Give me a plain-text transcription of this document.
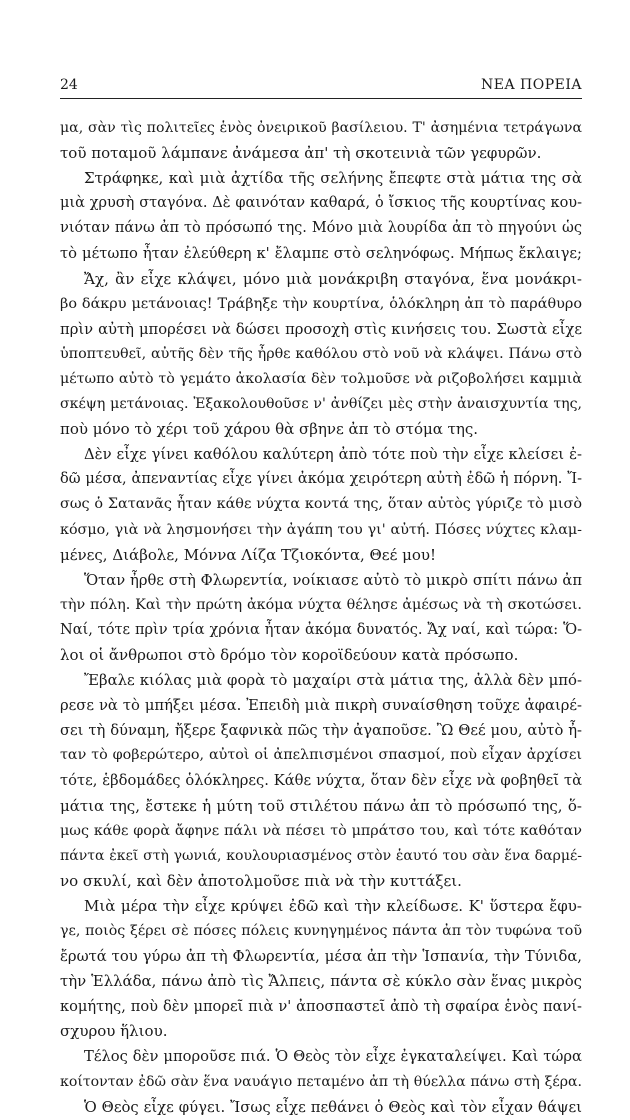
24	ΝΕΑ ΠΟΡΕΙΑ
μα, σὰν τὶς πολιτεῖες ἑνὸς ὀνειρικοῦ βασίλειου. Τ' ἀσημένια τετράγωνα
τοῦ ποταμοῦ λάμπανε ἀνάμεσα ἀπ' τὴ σκοτεινιὰ τῶν γεφυρῶν.
Στράφηκε, καὶ μιὰ ἀχτίδα τῆς σελήνης ἔπεφτε στὰ μάτια της σὰ
μιὰ χρυσὴ σταγόνα. Δὲ φαινόταν καθαρά, ὁ ἴσκιος τῆς κουρτίνας κου-
νιόταν πάνω ἀπ τὸ πρόσωπό της. Μόνο μιὰ λουρίδα ἀπ τὸ πηγούνι ὡς
τὸ μέτωπο ἦταν ἐλεύθερη κ' ἔλαμπε στὸ σεληνόφως. Μήπως ἔκλαιγε;
Ἄχ, ἂν εἶχε κλάψει, μόνο μιὰ μονάκριβη σταγόνα, ἕνα μονάκρι-
βο δάκρυ μετάνοιας! Τράβηξε τὴν κουρτίνα, ὁλόκληρη ἀπ τὸ παράθυρο
πρὶν αὐτὴ μπορέσει νὰ δώσει προσοχὴ στὶς κινήσεις του. Σωστὰ εἶχε
ὑποπτευθεῖ, αὐτῆς δὲν τῆς ἦρθε καθόλου στὸ νοῦ νὰ κλάψει. Πάνω στὸ
μέτωπο αὐτὸ τὸ γεμάτο ἀκολασία δὲν τολμοῦσε νὰ ριζοβολήσει καμμιὰ
σκέψη μετάνοιας. Ἐξακολουθοῦσε ν' ἀνθίζει μὲς στὴν ἀναισχυντία της,
ποὺ μόνο τὸ χέρι τοῦ χάρου θὰ σβηνε ἀπ τὸ στόμα της.
Δὲν εἶχε γίνει καθόλου καλύτερη ἀπὸ τότε ποὺ τὴν εἶχε κλείσει ἐ-
δῶ μέσα, ἀπεναντίας εἶχε γίνει ἀκόμα χειρότερη αὐτὴ ἐδῶ ἡ πόρνη. Ἴ-
σως ὁ Σατανᾶς ἦταν κάθε νύχτα κοντά της, ὅταν αὐτὸς γύριζε τὸ μισὸ
κόσμο, γιὰ νὰ λησμονήσει τὴν ἀγάπη του γι' αὐτή. Πόσες νύχτες κλαμ-
μένες, Διάβολε, Μόννα Λίζα Τζιοκόντα, Θεέ μου!
Ὅταν ἦρθε στὴ Φλωρεντία, νοίκιασε αὐτὸ τὸ μικρὸ σπίτι πάνω ἀπ
τὴν πόλη. Καὶ τὴν πρώτη ἀκόμα νύχτα θέλησε ἀμέσως νὰ τὴ σκοτώσει.
Ναί, τότε πρὶν τρία χρόνια ἦταν ἀκόμα δυνατός. Ἄχ ναί, καὶ τώρα: Ὅ-
λοι οἱ ἄνθρωποι στὸ δρόμο τὸν κοροϊδεύουν κατὰ πρόσωπο.
Ἔβαλε κιόλας μιὰ φορὰ τὸ μαχαίρι στὰ μάτια της, ἀλλὰ δὲν μπό-
ρεσε νὰ τὸ μπήξει μέσα. Ἐπειδὴ μιὰ πικρὴ συναίσθηση τοῦχε ἀφαιρέ-
σει τὴ δύναμη, ἤξερε ξαφνικὰ πῶς τὴν ἀγαποῦσε. Ὢ Θεέ μου, αὐτὸ ἦ-
ταν τὸ φοβερώτερο, αὐτοὶ οἱ ἀπελπισμένοι σπασμοί, ποὺ εἶχαν ἀρχίσει
τότε, ἑβδομάδες ὁλόκληρες. Κάθε νύχτα, ὅταν δὲν εἶχε νὰ φοβηθεῖ τὰ
μάτια της, ἔστεκε ἡ μύτη τοῦ στιλέτου πάνω ἀπ τὸ πρόσωπό της, ὅ-
μως κάθε φορὰ ἄφηνε πάλι νὰ πέσει τὸ μπράτσο του, καὶ τότε καθόταν
πάντα ἐκεῖ στὴ γωνιά, κουλουριασμένος στὸν ἑαυτό του σὰν ἕνα δαρμέ-
νο σκυλί, καὶ δὲν ἀποτολμοῦσε πιὰ νὰ τὴν κυττάξει.
Μιὰ μέρα τὴν εἶχε κρύψει ἐδῶ καὶ τὴν κλείδωσε. Κ' ὕστερα ἔφυ-
γε, ποιὸς ξέρει σὲ πόσες πόλεις κυνηγημένος πάντα ἀπ τὸν τυφώνα τοῦ
ἔρωτά του γύρω ἀπ τὴ Φλωρεντία, μέσα ἀπ τὴν Ἱσπανία, τὴν Τύνιδα,
τὴν Ἑλλάδα, πάνω ἀπὸ τὶς Ἄλπεις, πάντα σὲ κύκλο σὰν ἕνας μικρὸς
κομήτης, ποὺ δὲν μπορεῖ πιὰ ν' ἀποσπαστεῖ ἀπὸ τὴ σφαίρα ἑνὸς πανί-
σχυρου ἥλιου.
Τέλος δὲν μποροῦσε πιά. Ὁ Θεὸς τὸν εἶχε ἐγκαταλείψει. Καὶ τώρα
κοίτονταν ἐδῶ σὰν ἕνα ναυάγιο πεταμένο ἀπ τὴ θύελλα πάνω στὴ ξέρα.
Ὁ Θεὸς εἶχε φύγει. Ἴσως εἶχε πεθάνει ὁ Θεὸς καὶ τὸν εἶχαν θάψει
